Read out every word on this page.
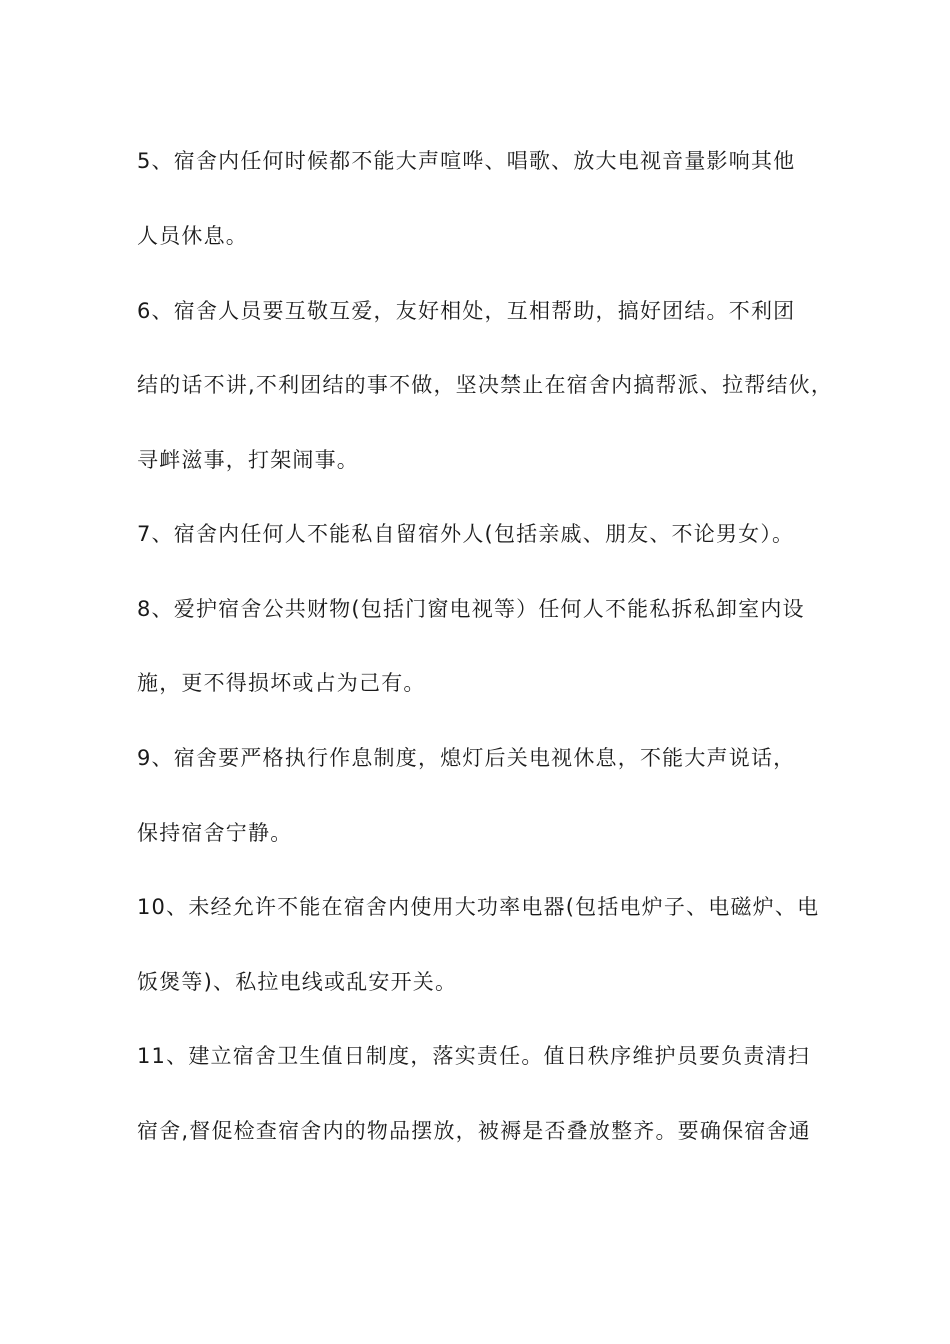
5、宿舍内任何时候都不能大声喧哗、唱歌、放大电视音量影响其他
人员休息。
6、宿舍人员要互敬互爱，友好相处，互相帮助，搞好团结。不利团
结的话不讲,不利团结的事不做，坚决禁止在宿舍内搞帮派、拉帮结伙，
寻衅滋事，打架闹事。
7、宿舍内任何人不能私自留宿外人(包括亲戚、朋友、不论男女）。
8、爱护宿舍公共财物(包括门窗电视等）任何人不能私拆私卸室内设
施，更不得损坏或占为己有。
9、宿舍要严格执行作息制度，熄灯后关电视休息，不能大声说话，
保持宿舍宁静。
10、未经允许不能在宿舍内使用大功率电器(包括电炉子、电磁炉、电
饭煲等)、私拉电线或乱安开关。
11、建立宿舍卫生值日制度，落实责任。值日秩序维护员要负责清扫
宿舍,督促检查宿舍内的物品摆放，被褥是否叠放整齐。要确保宿舍通
